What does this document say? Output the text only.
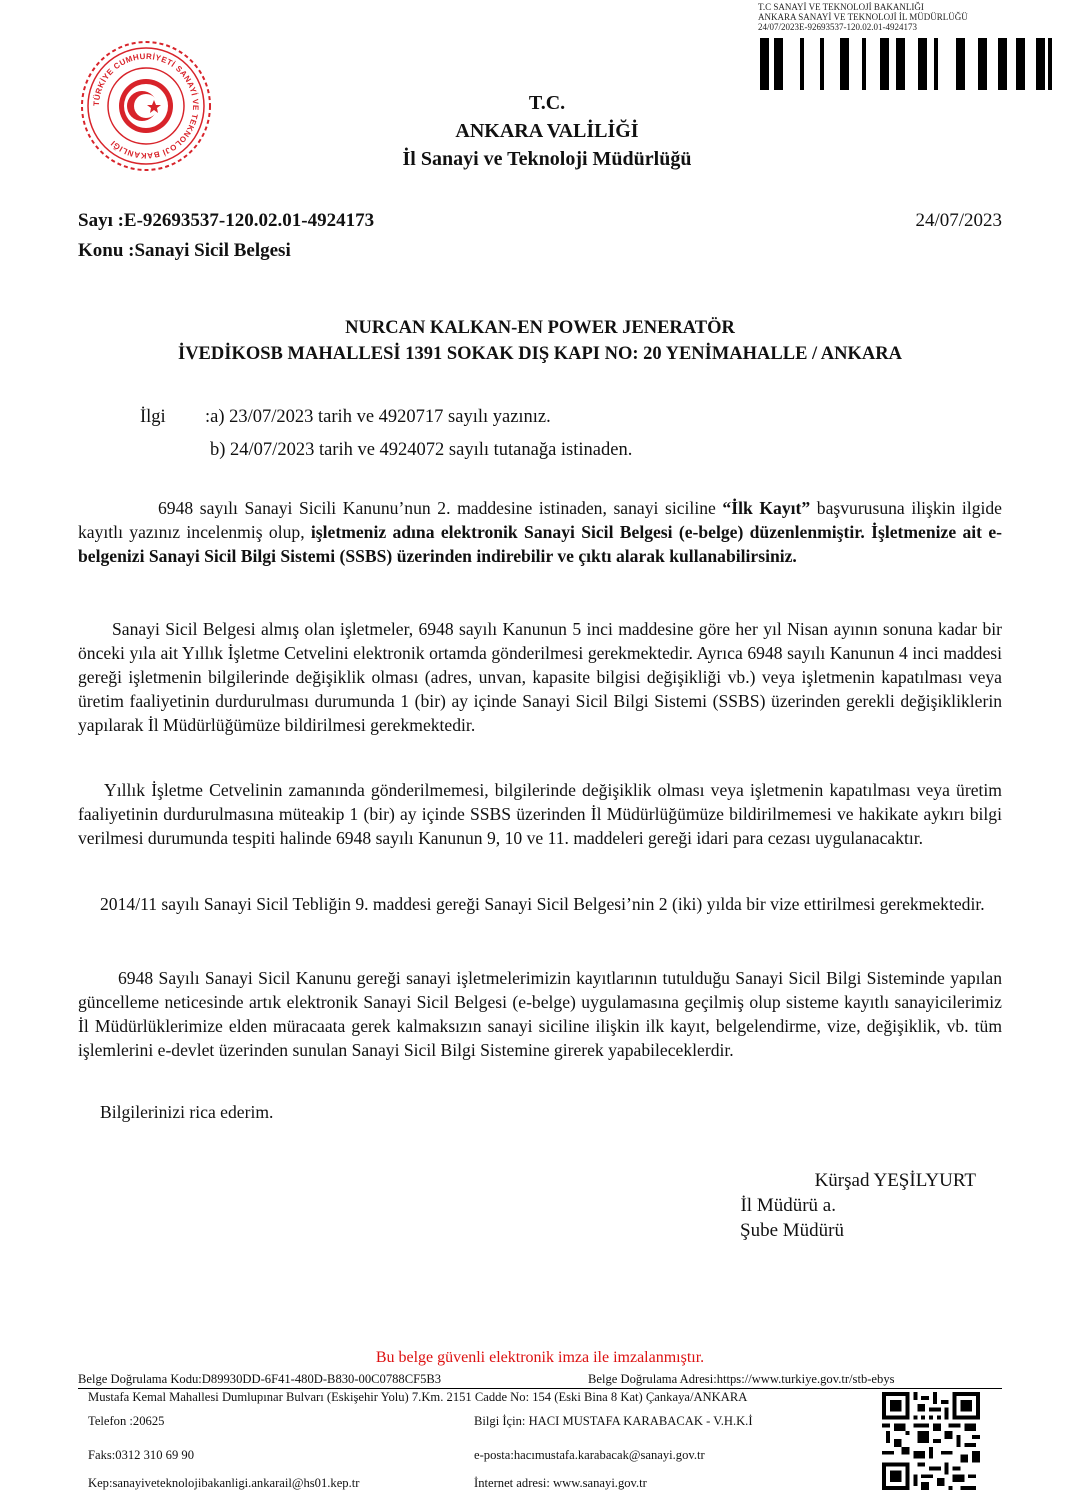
TÜRKİYE CUMHURİYETİ SANAYİ VE TEKNOLOJİ BAKANLIĞI
T.C SANAYİ VE TEKNOLOJİ BAKANLIĞI
ANKARA SANAYİ VE TEKNOLOJİ İL MÜDÜRLÜĞÜ
24/07/2023E-92693537-120.02.01-4924173
T.C.
ANKARA VALİLİĞİ
İl Sanayi ve Teknoloji Müdürlüğü
Sayı :E-92693537-120.02.01-4924173
Konu :Sanayi Sicil Belgesi
24/07/2023
NURCAN KALKAN-EN POWER JENERATÖR
İVEDİKOSB MAHALLESİ 1391 SOKAK DIŞ KAPI NO: 20 YENİMAHALLE / ANKARA
İlgi :a) 23/07/2023 tarih ve 4920717 sayılı yazınız.
b) 24/07/2023 tarih ve 4924072 sayılı tutanağa istinaden.
6948 sayılı Sanayi Sicili Kanunu’nun 2. maddesine istinaden, sanayi siciline “İlk Kayıt” başvurusuna ilişkin ilgide kayıtlı yazınız incelenmiş olup, işletmeniz adına elektronik Sanayi Sicil Belgesi (e-belge) düzenlenmiştir. İşletmenize ait e-belgenizi Sanayi Sicil Bilgi Sistemi (SSBS) üzerinden indirebilir ve çıktı alarak kullanabilirsiniz.
Sanayi Sicil Belgesi almış olan işletmeler, 6948 sayılı Kanunun 5 inci maddesine göre her yıl Nisan ayının sonuna kadar bir önceki yıla ait Yıllık İşletme Cetvelini elektronik ortamda gönderilmesi gerekmektedir. Ayrıca 6948 sayılı Kanunun 4 inci maddesi gereği işletmenin bilgilerinde değişiklik olması (adres, unvan, kapasite bilgisi değişikliği vb.) veya işletmenin kapatılması veya üretim faaliyetinin durdurulması durumunda 1 (bir) ay içinde Sanayi Sicil Bilgi Sistemi (SSBS) üzerinden gerekli değişikliklerin yapılarak İl Müdürlüğümüze bildirilmesi gerekmektedir.
Yıllık İşletme Cetvelinin zamanında gönderilmemesi, bilgilerinde değişiklik olması veya işletmenin kapatılması veya üretim faaliyetinin durdurulmasına müteakip 1 (bir) ay içinde SSBS üzerinden İl Müdürlüğümüze bildirilmemesi ve hakikate aykırı bilgi verilmesi durumunda tespiti halinde 6948 sayılı Kanunun 9, 10 ve 11. maddeleri gereği idari para cezası uygulanacaktır.
2014/11 sayılı Sanayi Sicil Tebliğin 9. maddesi gereği Sanayi Sicil Belgesi’nin 2 (iki) yılda bir vize ettirilmesi gerekmektedir.
6948 Sayılı Sanayi Sicil Kanunu gereği sanayi işletmelerimizin kayıtlarının tutulduğu Sanayi Sicil Bilgi Sisteminde yapılan güncelleme neticesinde artık elektronik Sanayi Sicil Belgesi (e-belge) uygulamasına geçilmiş olup sisteme kayıtlı sanayicilerimiz İl Müdürlüklerimize elden müracaata gerek kalmaksızın sanayi siciline ilişkin ilk kayıt, belgelendirme, vize, değişiklik, vb. tüm işlemlerini e-devlet üzerinden sunulan Sanayi Sicil Bilgi Sistemine girerek yapabileceklerdir.
Bilgilerinizi rica ederim.
Kürşad YEŞİLYURT
İl Müdürü a.
Şube Müdürü
Bu belge güvenli elektronik imza ile imzalanmıştır.
Belge Doğrulama Kodu:D89930DD-6F41-480D-B830-00C0788CF5B3	Belge Doğrulama Adresi:https://www.turkiye.gov.tr/stb-ebys
Mustafa Kemal Mahallesi Dumlupınar Bulvarı (Eskişehir Yolu) 7.Km. 2151 Cadde No: 154 (Eski Bina 8 Kat) Çankaya/ANKARA
Telefon :20625	Bilgi İçin: HACI MUSTAFA KARABACAK - V.H.K.İ
Faks:0312 310 69 90	e-posta:hacımustafa.karabacak@sanayi.gov.tr
Kep:sanayiveteknolojibakanligi.ankarail@hs01.kep.tr	İnternet adresi: www.sanayi.gov.tr
